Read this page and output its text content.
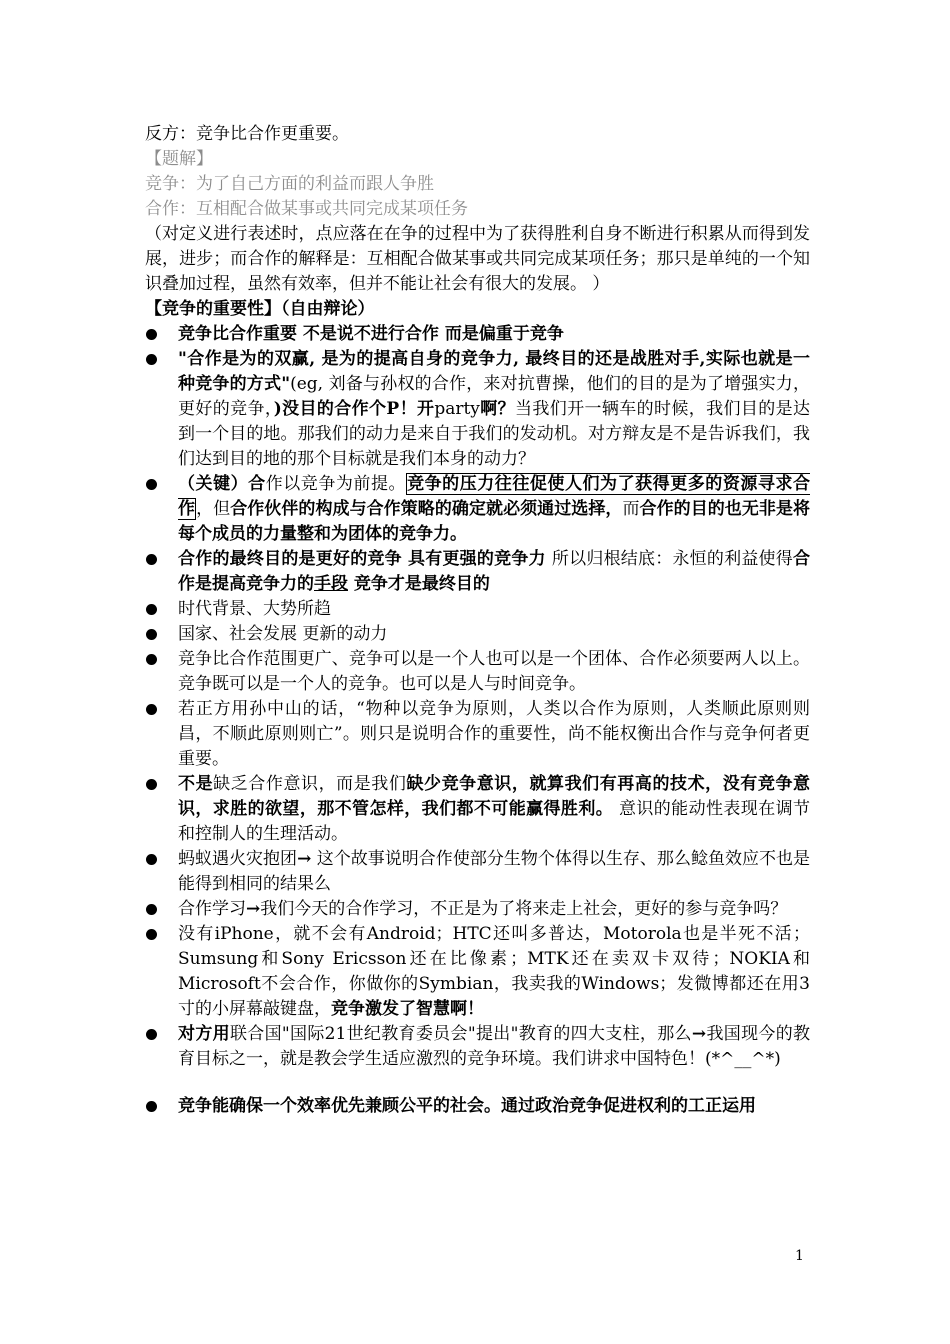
反方：竞争比合作更重要。
【题解】
竞争：为了自己方面的利益而跟人争胜
合作：互相配合做某事或共同完成某项任务
（对定义进行表述时，点应落在在争的过程中为了获得胜利自身不断进行积累从而得到发展，进步；而合作的解释是：互相配合做某事或共同完成某项任务；那只是单纯的一个知识叠加过程，虽然有效率，但并不能让社会有很大的发展。 ）
【竞争的重要性】（自由辩论）
竞争比合作重要 不是说不进行合作 而是偏重于竞争
"合作是为的双赢, 是为的提高自身的竞争力, 最终目的还是战胜对手,实际也就是一种竞争的方式"(eg, 刘备与孙权的合作，来对抗曹操，他们的目的是为了增强实力，更好的竞争，)没目的合作个P！开party啊？当我们开一辆车的时候，我们目的是达到一个目的地。那我们的动力是来自于我们的发动机。对方辩友是不是告诉我们，我们达到目的地的那个目标就是我们本身的动力？
（关键）合作以竞争为前提。竞争的压力往往促使人们为了获得更多的资源寻求合作，但合作伙伴的构成与合作策略的确定就必须通过选择，而合作的目的也无非是将每个成员的力量整和为团体的竞争力。
合作的最终目的是更好的竞争 具有更强的竞争力 所以归根结底：永恒的利益使得合作是提高竞争力的手段 竞争才是最终目的
时代背景、大势所趋
国家、社会发展 更新的动力
竞争比合作范围更广、竞争可以是一个人也可以是一个团体、合作必须要两人以上。竞争既可以是一个人的竞争。也可以是人与时间竞争。
若正方用孙中山的话，“物种以竞争为原则，人类以合作为原则，人类顺此原则则昌，不顺此原则则亡”。则只是说明合作的重要性，尚不能权衡出合作与竞争何者更重要。
不是缺乏合作意识，而是我们缺少竞争意识，就算我们有再高的技术，没有竞争意识，求胜的欲望，那不管怎样，我们都不可能赢得胜利。 意识的能动性表现在调节和控制人的生理活动。
蚂蚁遇火灾抱团→ 这个故事说明合作使部分生物个体得以生存、那么鲶鱼效应不也是能得到相同的结果么
合作学习→我们今天的合作学习，不正是为了将来走上社会，更好的参与竞争吗？
没有iPhone，就不会有Android；HTC还叫多普达，Motorola也是半死不活；Sumsung和Sony Ericsson还在比像素；MTK还在卖双卡双待；NOKIA和Microsoft不会合作，你做你的Symbian，我卖我的Windows；发微博都还在用3寸的小屏幕敲键盘，竞争激发了智慧啊！
对方用联合国"国际21世纪教育委员会"提出"教育的四大支柱，那么→我国现今的教育目标之一，就是教会学生适应激烈的竞争环境。我们讲求中国特色！(*^__^*)
竞争能确保一个效率优先兼顾公平的社会。通过政治竞争促进权利的工正运用
1
